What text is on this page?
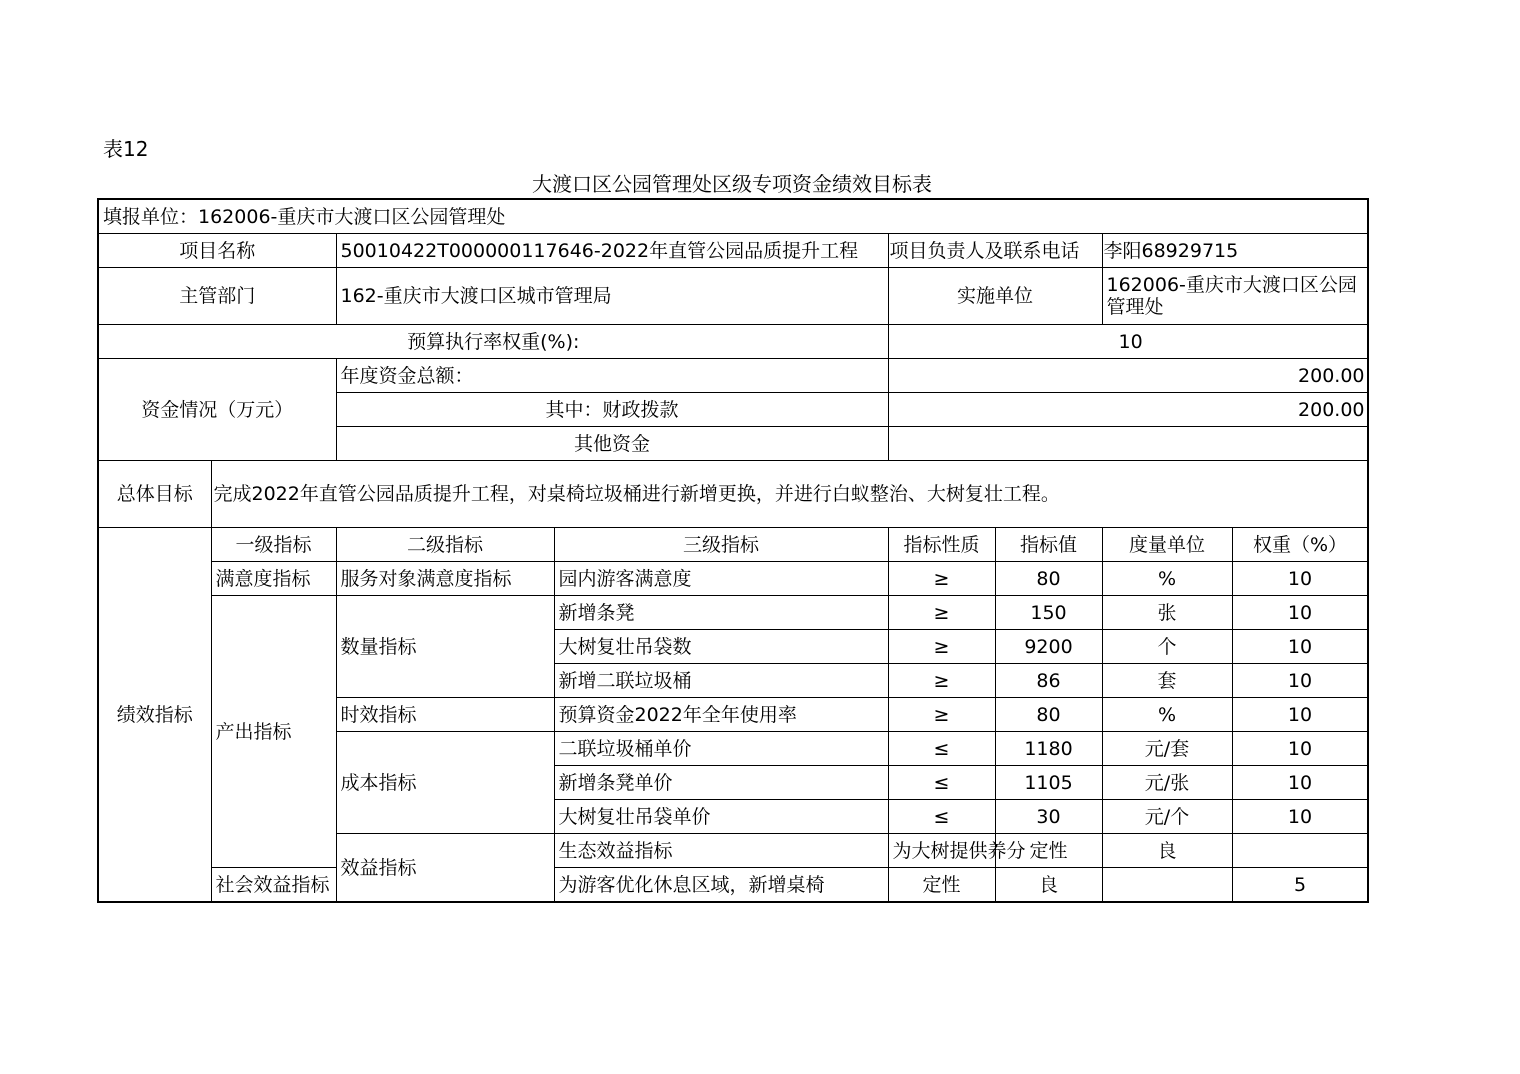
表12
大渡口区公园管理处区级专项资金绩效目标表
填报单位：162006-重庆市大渡口区公园管理处								
项目名称		50010422T000000117646-2022年直管公园品质提升工程		项目负责人及联系电话		李阳68929715		
主管部门		162-重庆市大渡口区城市管理局		实施单位		162006-重庆市大渡口区公园管理处		
预算执行率权重(%):				10				
资金情况（万元）		年度资金总额：		200.00				
		其中：财政拨款		200.00				
		其他资金						
总体目标	完成2022年直管公园品质提升工程，对桌椅垃圾桶进行新增更换，并进行白蚁整治、大树复壮工程。							
绩效指标	一级指标	二级指标	三级指标	指标性质	指标值	度量单位	权重（%）	
	满意度指标	服务对象满意度指标	园内游客满意度	≥	80	%	10	
	产出指标	数量指标	新增条凳	≥	150	张	10	
			大树复壮吊袋数	≥	9200	个	10	
			新增二联垃圾桶	≥	86	套	10	
		时效指标	预算资金2022年全年使用率	≥	80	%	10	
		成本指标	二联垃圾桶单价	≤	1180	元/套	10	
			新增条凳单价	≤	1105	元/张	10	
			大树复壮吊袋单价	≤	30	元/个	10	
		效益指标	生态效益指标	为大树提供养分	定性	良		
	社会效益指标		为游客优化休息区域，新增桌椅	定性	良		5	
